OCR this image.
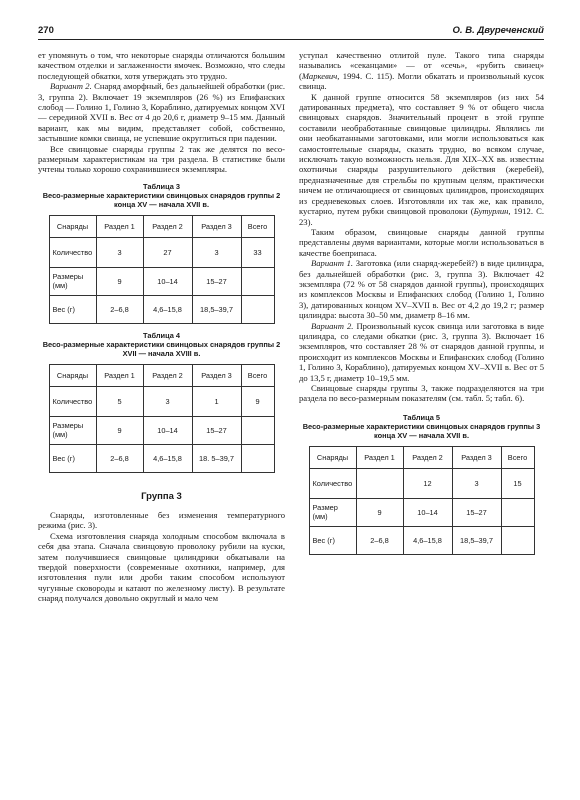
270	О. В. Двуреченский

ет упомянуть о том, что некоторые снаряды отличаются большим качеством отделки и заглаженности ямочек. Возможно, что следы последующей обкатки, хотя утверждать это трудно.

Вариант 2. Снаряд аморфный, без дальнейшей обработки (рис. 3, группа 2). Включает 19 экземпляров (26 %) из Епифанских слобод — Голино 1, Голино 3, Кораблино, датируемых концом XVI — серединой XVII в. Вес от 4 до 20,6 г, диаметр 9–15 мм. Данный вариант, как мы видим, представляет собой, собственно, застывшие комки свинца, не успевшие округлиться при падении.

Все свинцовые снаряды группы 2 так же делятся по весо-размерным характеристикам на три раздела. В статистике были учтены только хорошо сохранившиеся экземпляры.

Таблица 3
Весо-размерные характеристики свинцовых снарядов группы 2 конца XV — начала XVII в.
Снаряды	Раздел 1	Раздел 2	Раздел 3	Всего
Количество	3	27	3	33
Размеры (мм)	9	10–14	15–27	
Вес (г)	2–6,8	4,6–15,8	18,5–39,7	
Таблица 4
Весо-размерные характеристики свинцовых снарядов группы 2 XVII — начала XVIII в.
Снаряды	Раздел 1	Раздел 2	Раздел 3	Всего
Количество	5	3	1	9
Размеры (мм)	9	10–14	15–27	
Вес (г)	2–6,8	4,6–15,8	18. 5–39,7	
Группа 3

Снаряды, изготовленные без изменения температурного режима (рис. 3).

Схема изготовления снаряда холодным способом включала в себя два этапа. Сначала свинцовую проволоку рубили на куски, затем получившиеся свинцовые цилиндрики обкатывали на твердой поверхности (современные охотники, например, для изготовления пули или дроби таким способом используют чугунные сковороды и катают по железному листу). В результате снаряд получался довольно округлый и мало чем

уступал качественно отлитой пуле. Такого типа снаряды назывались «секанцами» — от «сечь», «рубить свинец» (Маркевич, 1994. С. 115). Могли обкатать и произвольный кусок свинца.

К данной группе относится 58 экземпляров (из них 54 датированных предмета), что составляет 9 % от общего числа свинцовых снарядов. Значительный процент в этой группе составили необработанные свинцовые цилиндры. Являлись ли они необкатанными заготовками, или могли использоваться как самостоятельные снаряды, сказать трудно, во всяком случае, исключать такую возможность нельзя. Для XIX–XX вв. известны охотничьи снаряды разрушительного действия (жеребей), предназначенные для стрельбы по крупным целям, практически ничем не отличающиеся от свинцовых цилиндров, происходящих из средневековых слоев. Изготовляли их так же, как правило, кустарно, путем рубки свинцовой проволоки (Бутурлин, 1912. С. 23).

Таким образом, свинцовые снаряды данной группы представлены двумя вариантами, которые могли использоваться в качестве боеприпаса.

Вариант 1. Заготовка (или снаряд-жеребей?) в виде цилиндра, без дальнейшей обработки (рис. 3, группа 3). Включает 42 экземпляра (72 % от 58 снарядов данной группы), происходящих из комплексов Москвы и Епифанских слобод (Голино 1, Голино 3), датированных концом XV–XVII в. Вес от 4,2 до 19,2 г; размер цилиндра: высота 30–50 мм, диаметр 8–16 мм.

Вариант 2. Произвольный кусок свинца или заготовка в виде цилиндра, со следами обкатки (рис. 3, группа 3). Включает 16 экземпляров, что составляет 28 % от снарядов данной группы, и происходит из комплексов Москвы и Епифанских слобод (Голино 1, Голино 3, Кораблино), датируемых концом XV–XVII в. Вес от 5 до 13,5 г, диаметр 10–19,5 мм.

Свинцовые снаряды группы 3, также подразделяются на три раздела по весо-размерным показателям (см. табл. 5; табл. 6).

Таблица 5
Весо-размерные характеристики свинцовых снарядов группы 3 конца XV — начала XVII в.
Снаряды	Раздел 1	Раздел 2	Раздел 3	Всего
Количество		12	3	15
Размер (мм)	9	10–14	15–27	
Вес (г)	2–6,8	4,6–15,8	18,5–39,7	
